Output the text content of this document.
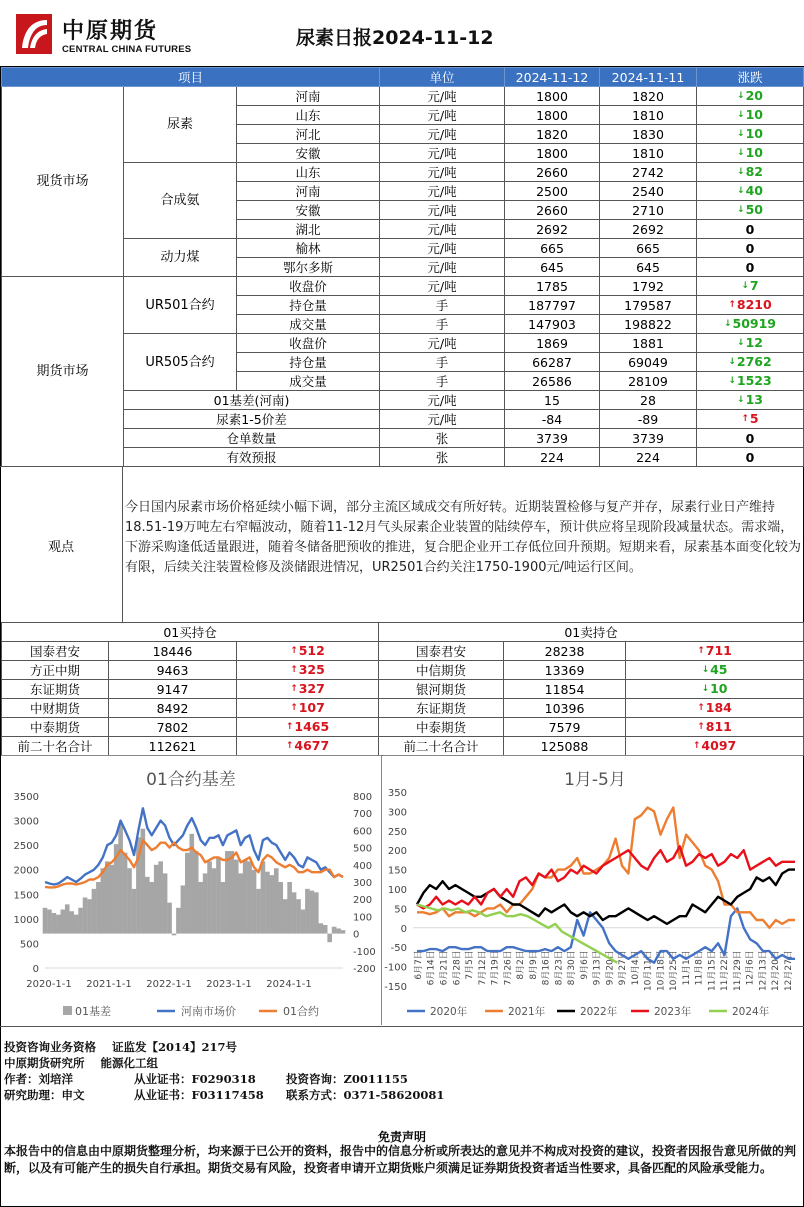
中原期货
CENTRAL CHINA FUTURES
尿素日报2024-11-12
项目			单位	2024-11-12	2024-11-11	涨跌
现货市场	尿素	河南	元/吨	1800	1820	↓20
		山东	元/吨	1800	1810	↓10
		河北	元/吨	1820	1830	↓10
		安徽	元/吨	1800	1810	↓10
	合成氨	山东	元/吨	2660	2742	↓82
		河南	元/吨	2500	2540	↓40
		安徽	元/吨	2660	2710	↓50
		湖北	元/吨	2692	2692	0
	动力煤	榆林	元/吨	665	665	0
		鄂尔多斯	元/吨	645	645	0
期货市场	UR501合约	收盘价	元/吨	1785	1792	↓7
		持仓量	手	187797	179587	↑8210
		成交量	手	147903	198822	↓50919
	UR505合约	收盘价	元/吨	1869	1881	↓12
		持仓量	手	66287	69049	↓2762
		成交量	手	26586	28109	↓1523
	01基差(河南)		元/吨	15	28	↓13
	尿素1-5价差		元/吨	-84	-89	↑5
	仓单数量		张	3739	3739	0
	有效预报		张	224	224	0
观点
今日国内尿素市场价格延续小幅下调，部分主流区域成交有所好转。近期装置检修与复产并存，尿素行业日产维持18.51-19万吨左右窄幅波动，随着11-12月气头尿素企业装置的陆续停车，预计供应将呈现阶段减量状态。需求端，下游采购逢低适量跟进，随着冬储备肥预收的推进，复合肥企业开工存低位回升预期。短期来看，尿素基本面变化较为有限，后续关注装置检修及淡储跟进情况，UR2501合约关注1750-1900元/吨运行区间。
01买持仓			01卖持仓		
国泰君安	18446	↑512	国泰君安	28238	↑711
方正中期	9463	↑325	中信期货	13369	↓45
东证期货	9147	↑327	银河期货	11854	↓10
中财期货	8492	↑107	东证期货	10396	↑184
中泰期货	7802	↑1465	中泰期货	7579	↑811
前二十名合计	112621	↑4677	前二十名合计	125088	↑4097
01合约基差
3500
3000
2500
2000
1500
1000
500
0
800
700
600
500
400
300
200
100
0
-100
-200
2020-1-1 2021-1-1 2022-1-1 2023-1-1 2024-1-1
01基差	河南市场价	01合约
1月-5月
350
300
250
200
150
100
50
0
-50
-100
-150
6月7日 6月14日 6月21日 6月28日 7月5日 7月12日 7月19日 7月26日 8月2日 8月9日 8月16日 8月23日 8月30日 9月6日 9月13日 9月20日 9月27日 10月4日 10月11日 10月18日 10月25日 11月1日 11月8日 11月15日 11月22日 11月29日 12月6日 12月13日 12月20日 12月27日
2020年	2021年	2022年	2023年	2024年
投资咨询业务资格 证监发【2014】217号
中原期货研究所 能源化工组
作者：刘培洋	从业证书：F0290318	投资咨询：Z0011155
研究助理：申文	从业证书：F03117458 联系方式：0371-58620081
免责声明
本报告中的信息由中原期货整理分析，均来源于已公开的资料，报告中的信息分析或所表达的意见并不构成对投资的建议，投资者因报告意见所做的判断，以及有可能产生的损失自行承担。期货交易有风险，投资者申请开立期货账户须满足证券期货投资者适当性要求，具备匹配的风险承受能力。
